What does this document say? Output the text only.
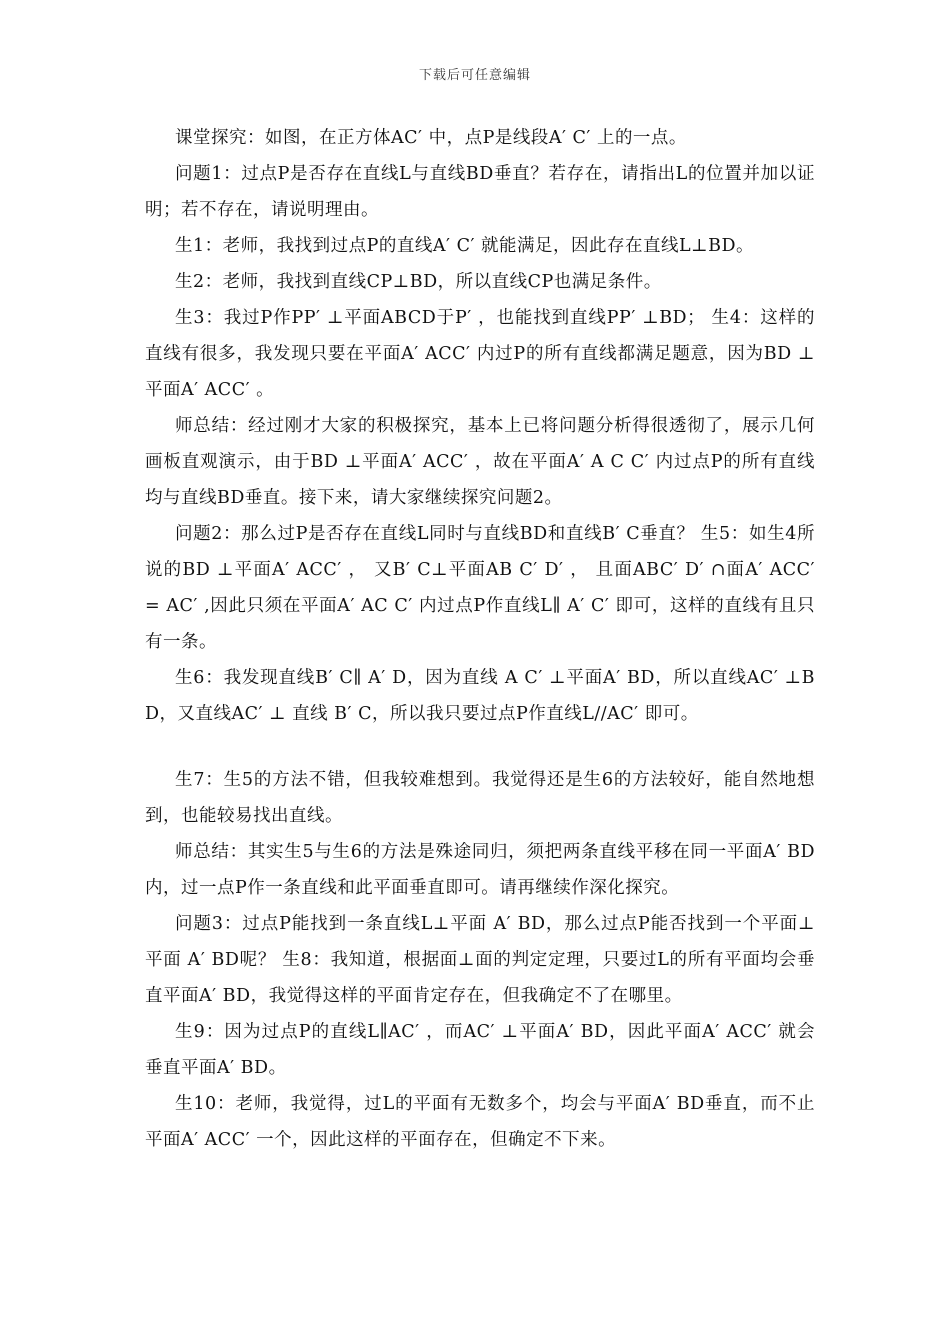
下载后可任意编辑

课堂探究：如图，在正方体AC′ 中，点P是线段A′ C′ 上的一点。

问题1：过点P是否存在直线L与直线BD垂直？若存在，请指出L的位置并加以证明；若不存在，请说明理由。

生1：老师，我找到过点P的直线A′ C′ 就能满足，因此存在直线L⊥BD。

生2：老师，我找到直线CP⊥BD，所以直线CP也满足条件。

生3：我过P作PP′ ⊥平面ABCD于P′ ，也能找到直线PP′ ⊥BD； 生4：这样的直线有很多，我发现只要在平面A′ ACC′ 内过P的所有直线都满足题意，因为BD ⊥平面A′ ACC′ 。

师总结：经过刚才大家的积极探究，基本上已将问题分析得很透彻了，展示几何画板直观演示，由于BD ⊥平面A′ ACC′ ，故在平面A′ A C C′ 内过点P的所有直线均与直线BD垂直。接下来，请大家继续探究问题2。

问题2：那么过P是否存在直线L同时与直线BD和直线B′ C垂直？ 生5：如生4所说的BD ⊥平面A′ ACC′ ， 又B′ C⊥平面AB C′ D′ ， 且面ABC′ D′ ∩面A′ ACC′ = AC′ ,因此只须在平面A′ AC C′ 内过点P作直线L∥ A′ C′ 即可，这样的直线有且只有一条。

生6：我发现直线B′ C∥ A′ D，因为直线 A C′ ⊥平面A′ BD，所以直线AC′ ⊥BD，又直线AC′ ⊥ 直线 B′ C，所以我只要过点P作直线L//AC′ 即可。

生7：生5的方法不错，但我较难想到。我觉得还是生6的方法较好，能自然地想到，也能较易找出直线。

师总结：其实生5与生6的方法是殊途同归，须把两条直线平移在同一平面A′ BD内，过一点P作一条直线和此平面垂直即可。请再继续作深化探究。

问题3：过点P能找到一条直线L⊥平面 A′ BD，那么过点P能否找到一个平面⊥平面 A′ BD呢？ 生8：我知道，根据面⊥面的判定定理，只要过L的所有平面均会垂直平面A′ BD，我觉得这样的平面肯定存在，但我确定不了在哪里。

生9：因为过点P的直线L∥AC′ ，而AC′ ⊥平面A′ BD，因此平面A′ ACC′ 就会垂直平面A′ BD。

生10：老师，我觉得，过L的平面有无数多个，均会与平面A′ BD垂直，而不止平面A′ ACC′ 一个，因此这样的平面存在，但确定不下来。
